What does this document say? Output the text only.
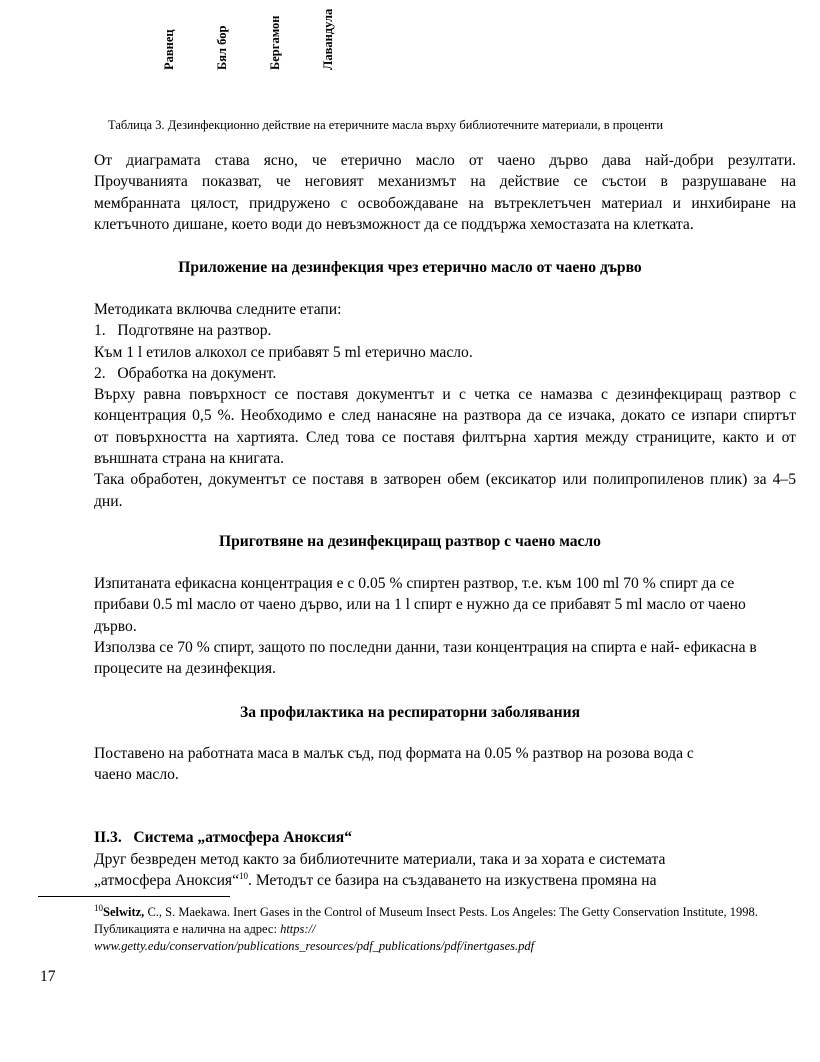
Равнец	Бял бор	Бергамон	Лавандула
Таблица 3. Дезинфекционно действие на етеричните масла върху библиотечните материали, в проценти
От диаграмата става ясно, че етерично масло от чаено дърво дава най-добри резултати.
Проучванията показват, че неговият механизмът на действие се състои в разрушаване на
мембранната цялост, придружено с освобождаване на вътреклетъчен материал и инхибиране на
клетъчното дишане, което води до невъзможност да се поддържа хемостазата на клетката.
Приложение на дезинфекция чрез етерично масло от чаено дърво
Методиката включва следните етапи:
1.   Подготвяне на разтвор.
Към 1 l етилов алкохол се прибавят 5 ml етерично масло.
2.   Обработка на документ.
Върху равна повърхност се поставя документът и с четка се намазва с дезинфекциращ разтвор с
концентрация 0,5 %. Необходимо е след нанасяне на разтвора да се изчака, докато се изпари спиртът
от повърхността на хартията. След това се поставя филтърна хартия между страниците, както и от
външната страна на книгата.
Така обработен, документът се поставя в затворен обем (ексикатор или полипропиленов плик) за 4–5
дни.
Приготвяне на дезинфекциращ разтвор с чаено масло
Изпитаната ефикасна концентрация е с 0.05 % спиртен разтвор, т.е. към 100 ml 70 % спирт да се
прибави 0.5 ml масло от чаено дърво, или на 1 l спирт е нужно да се прибавят 5 ml масло от чаено
дърво.
Използва се 70 % спирт, защото по последни данни, тази концентрация на спирта е най- ефикасна в
процесите на дезинфекция.
За профилактика на респираторни заболявания
Поставено на работната маса в малък съд, под формата на 0.05 % разтвор на розова вода с
чаено масло.
II.3.   Система „атмосфера Аноксия“
Друг безвреден метод както за библиотечните материали, така и за хората е системата
„атмосфера Аноксия“$^{10}$. Методът се базира на създаването на изкуствена промяна на
$^{10}$Selwitz, C., S. Maekawa. Inert Gases in the Control of Museum Insect Pests. Los Angeles: The Getty Conservation Institute, 1998. Публикацията е налична на адрес: https://
www.getty.edu/conservation/publications_resources/pdf_publications/pdf/inertgases.pdf
17
